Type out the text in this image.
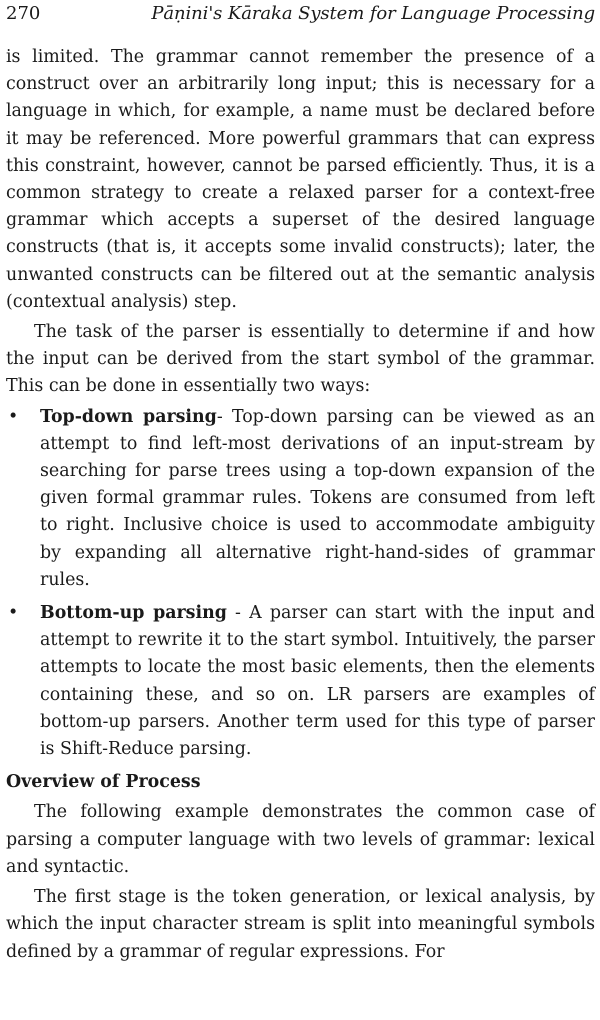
270	Pāṇini's Kāraka System for Language Processing

is limited. The grammar cannot remember the presence of a construct over an arbitrarily long input; this is necessary for a language in which, for example, a name must be declared before it may be referenced. More powerful grammars that can express this constraint, however, cannot be parsed efficiently. Thus, it is a common strategy to create a relaxed parser for a context-free grammar which accepts a superset of the desired language constructs (that is, it accepts some invalid constructs); later, the unwanted constructs can be filtered out at the semantic analysis (contextual analysis) step.

The task of the parser is essentially to determine if and how the input can be derived from the start symbol of the grammar. This can be done in essentially two ways:

• Top-down parsing- Top-down parsing can be viewed as an attempt to find left-most derivations of an input-stream by searching for parse trees using a top-down expansion of the given formal grammar rules. Tokens are consumed from left to right. Inclusive choice is used to accommodate ambiguity by expanding all alternative right-hand-sides of grammar rules.
• Bottom-up parsing - A parser can start with the input and attempt to rewrite it to the start symbol. Intuitively, the parser attempts to locate the most basic elements, then the elements containing these, and so on. LR parsers are examples of bottom-up parsers. Another term used for this type of parser is Shift-Reduce parsing.
Overview of Process

The following example demonstrates the common case of parsing a computer language with two levels of grammar: lexical and syntactic.

The first stage is the token generation, or lexical analysis, by which the input character stream is split into meaningful symbols defined by a grammar of regular expressions. For
